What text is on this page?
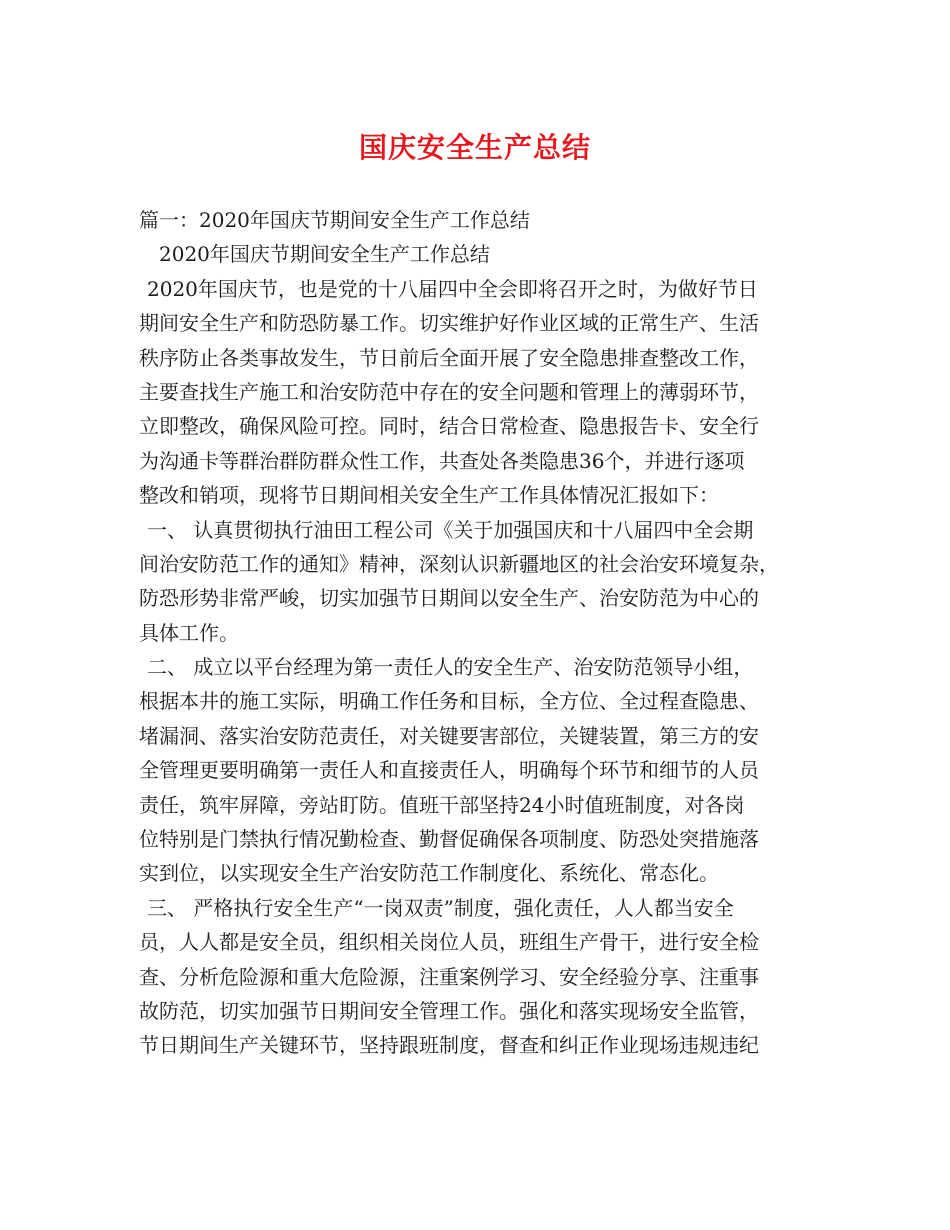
国庆安全生产总结
篇一：2020年国庆节期间安全生产工作总结
2020年国庆节期间安全生产工作总结
2020年国庆节，也是党的十八届四中全会即将召开之时，为做好节日
期间安全生产和防恐防暴工作。切实维护好作业区域的正常生产、生活
秩序防止各类事故发生，节日前后全面开展了安全隐患排查整改工作，
主要查找生产施工和治安防范中存在的安全问题和管理上的薄弱环节，
立即整改，确保风险可控。同时，结合日常检查、隐患报告卡、安全行
为沟通卡等群治群防群众性工作，共查处各类隐患36个，并进行逐项
整改和销项，现将节日期间相关安全生产工作具体情况汇报如下：
一、 认真贯彻执行油田工程公司《关于加强国庆和十八届四中全会期
间治安防范工作的通知》精神，深刻认识新疆地区的社会治安环境复杂，
防恐形势非常严峻，切实加强节日期间以安全生产、治安防范为中心的
具体工作。
二、 成立以平台经理为第一责任人的安全生产、治安防范领导小组，
根据本井的施工实际，明确工作任务和目标，全方位、全过程查隐患、
堵漏洞、落实治安防范责任，对关键要害部位，关键装置，第三方的安
全管理更要明确第一责任人和直接责任人，明确每个环节和细节的人员
责任，筑牢屏障，旁站盯防。值班干部坚持24小时值班制度，对各岗
位特别是门禁执行情况勤检查、勤督促确保各项制度、防恐处突措施落
实到位，以实现安全生产治安防范工作制度化、系统化、常态化。
三、 严格执行安全生产“一岗双责”制度，强化责任，人人都当安全
员，人人都是安全员，组织相关岗位人员，班组生产骨干，进行安全检
查、分析危险源和重大危险源，注重案例学习、安全经验分享、注重事
故防范，切实加强节日期间安全管理工作。强化和落实现场安全监管，
节日期间生产关键环节，坚持跟班制度，督查和纠正作业现场违规违纪
